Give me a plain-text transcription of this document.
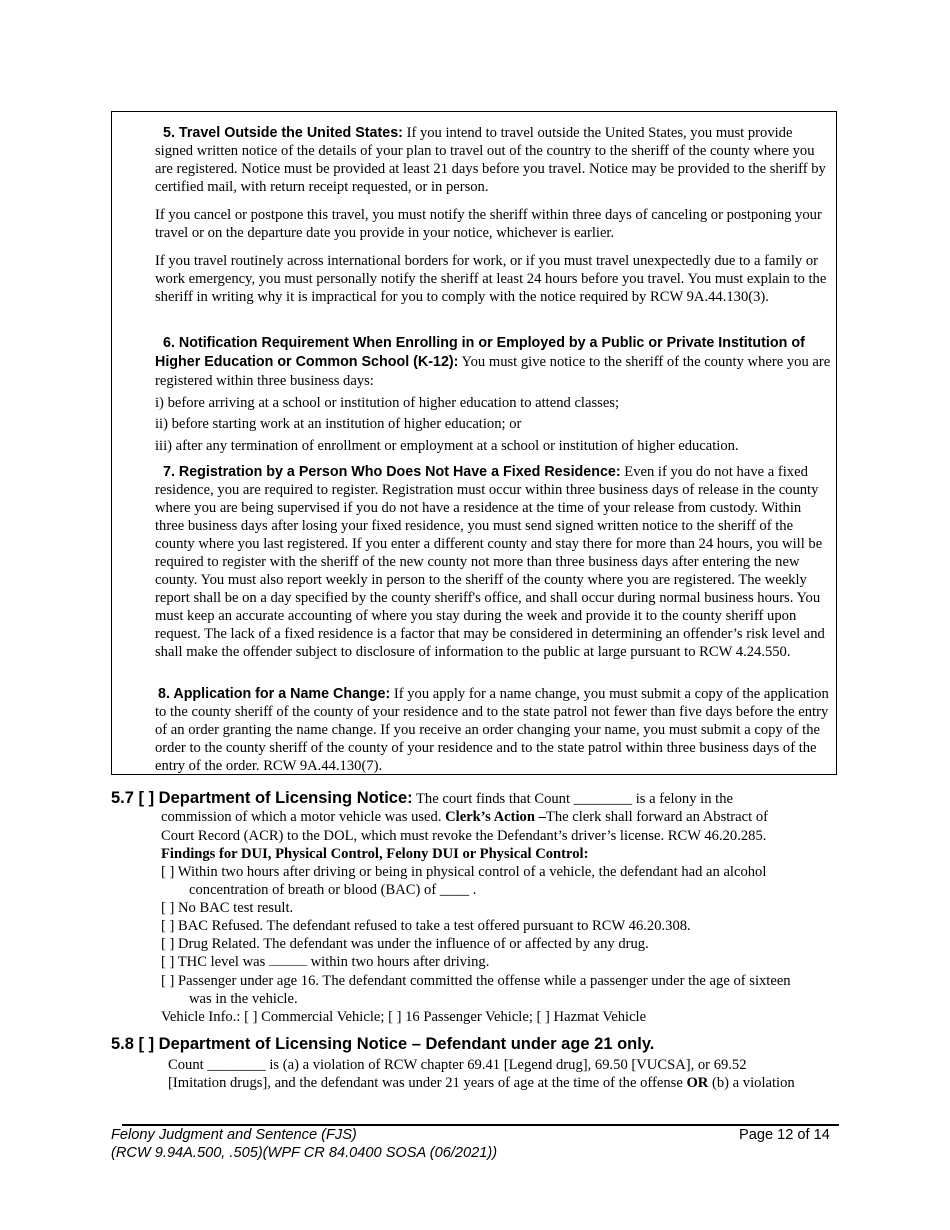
5. Travel Outside the United States: If you intend to travel outside the United States, you must provide signed written notice of the details of your plan to travel out of the country to the sheriff of the county where you are registered. Notice must be provided at least 21 days before you travel. Notice may be provided to the sheriff by certified mail, with return receipt requested, or in person.

If you cancel or postpone this travel, you must notify the sheriff within three days of canceling or postponing your travel or on the departure date you provide in your notice, whichever is earlier.

If you travel routinely across international borders for work, or if you must travel unexpectedly due to a family or work emergency, you must personally notify the sheriff at least 24 hours before you travel. You must explain to the sheriff in writing why it is impractical for you to comply with the notice required by RCW 9A.44.130(3).

6. Notification Requirement When Enrolling in or Employed by a Public or Private Institution of Higher Education or Common School (K-12): You must give notice to the sheriff of the county where you are registered within three business days:

i) before arriving at a school or institution of higher education to attend classes;
ii) before starting work at an institution of higher education; or
iii) after any termination of enrollment or employment at a school or institution of higher education.

7. Registration by a Person Who Does Not Have a Fixed Residence: Even if you do not have a fixed residence, you are required to register. Registration must occur within three business days of release in the county where you are being supervised if you do not have a residence at the time of your release from custody. Within three business days after losing your fixed residence, you must send signed written notice to the sheriff of the county where you last registered. If you enter a different county and stay there for more than 24 hours, you will be required to register with the sheriff of the new county not more than three business days after entering the new county. You must also report weekly in person to the sheriff of the county where you are registered. The weekly report shall be on a day specified by the county sheriff's office, and shall occur during normal business hours. You must keep an accurate accounting of where you stay during the week and provide it to the county sheriff upon request. The lack of a fixed residence is a factor that may be considered in determining an offender’s risk level and shall make the offender subject to disclosure of information to the public at large pursuant to RCW 4.24.550.

8. Application for a Name Change: If you apply for a name change, you must submit a copy of the application to the county sheriff of the county of your residence and to the state patrol not fewer than five days before the entry of an order granting the name change. If you receive an order changing your name, you must submit a copy of the order to the county sheriff of the county of your residence and to the state patrol within three business days of the entry of the order. RCW 9A.44.130(7).

5.7 [ ] Department of Licensing Notice: The court finds that Count ________ is a felony in the
commission of which a motor vehicle was used. Clerk’s Action –The clerk shall forward an Abstract of
Court Record (ACR) to the DOL, which must revoke the Defendant’s driver’s license. RCW 46.20.285.
Findings for DUI, Physical Control, Felony DUI or Physical Control:
[ ] Within two hours after driving or being in physical control of a vehicle, the defendant had an alcohol
concentration of breath or blood (BAC) of ____ .
[ ] No BAC test result.
[ ] BAC Refused. The defendant refused to take a test offered pursuant to RCW 46.20.308.
[ ] Drug Related. The defendant was under the influence of or affected by any drug.
[ ] THC level was	within two hours after driving.
[ ] Passenger under age 16. The defendant committed the offense while a passenger under the age of sixteen
was in the vehicle.
Vehicle Info.: [ ] Commercial Vehicle; [ ] 16 Passenger Vehicle; [ ] Hazmat Vehicle
5.8 [ ] Department of Licensing Notice – Defendant under age 21 only.
Count ________ is (a) a violation of RCW chapter 69.41 [Legend drug], 69.50 [VUCSA], or 69.52
[Imitation drugs], and the defendant was under 21 years of age at the time of the offense OR (b) a violation
Felony Judgment and Sentence (FJS)
(RCW 9.94A.500, .505)(WPF CR 84.0400 SOSA (06/2021))
Page 12 of 14
